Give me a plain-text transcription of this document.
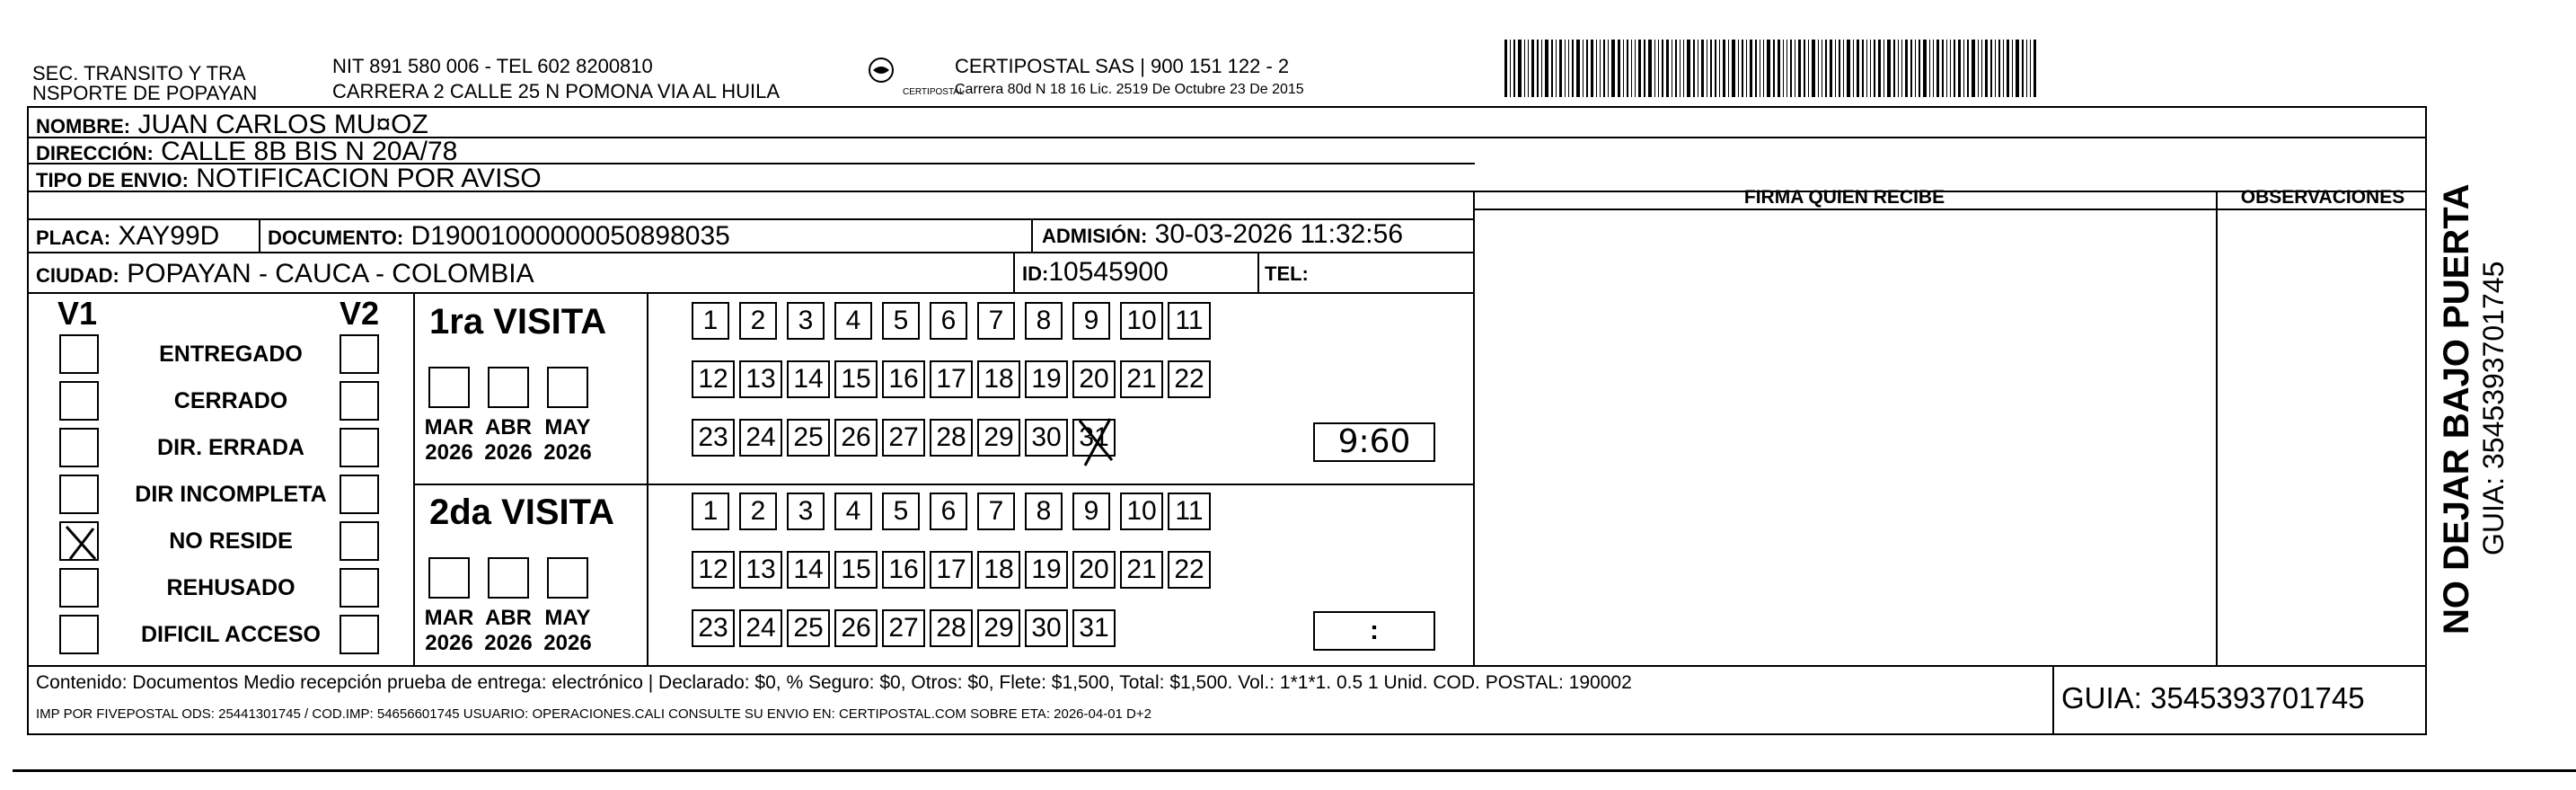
SEC. TRANSITO Y TRA
NSPORTE DE POPAYAN
NIT 891 580 006 - TEL 602 8200810
CARRERA 2 CALLE 25 N POMONA VIA AL HUILA	CERTIPOSTAL
CERTIPOSTAL SAS | 900 151 122 - 2
Carrera 80d N 18 16 Lic. 2519 De Octubre 23 De 2015
NOMBRE: JUAN CARLOS MU¤OZ
DIRECCIÓN: CALLE 8B BIS N 20A/78
TIPO DE ENVIO: NOTIFICACION POR AVISO
PLACA: XAY99D DOCUMENTO: D19001000000050898035	ADMISIÓN: 30-03-2026 11:32:56
CIUDAD: POPAYAN - CAUCA - COLOMBIA	ID:10545900	TEL:
FIRMA QUIEN RECIBE	OBSERVACIONES
V1	V2
ENTREGADO
CERRADO
DIR. ERRADA
DIR INCOMPLETA
NO RESIDE
REHUSADO
DIFICIL ACCESO
1ra VISITA
2da VISITA
MAR
2026
ABR
2026
MAY
2026
MAR
2026
ABR
2026
MAY
2026
1	2	3	4	5	6	7	8	9	10 11
12 13 14 15 16 17 18 19 20 21 22
23 24 25 26 27 28 29 30 31
1	2	3	4	5	6	7	8	9	10 11
12 13 14 15 16 17 18 19 20 21 22
23 24 25 26 27 28 29 30 31
9:60
:
Contenido: Documentos Medio recepción prueba de entrega: electrónico | Declarado: $0, % Seguro: $0, Otros: $0, Flete: $1,500, Total: $1,500. Vol.: 1*1*1. 0.5 1 Unid. COD. POSTAL: 190002
IMP POR FIVEPOSTAL ODS: 25441301745 / COD.IMP: 54656601745 USUARIO: OPERACIONES.CALI CONSULTE SU ENVIO EN: CERTIPOSTAL.COM SOBRE ETA: 2026-04-01 D+2	GUIA: 3545393701745
NO DEJAR BAJO PUERTA GUIA: 3545393701745
